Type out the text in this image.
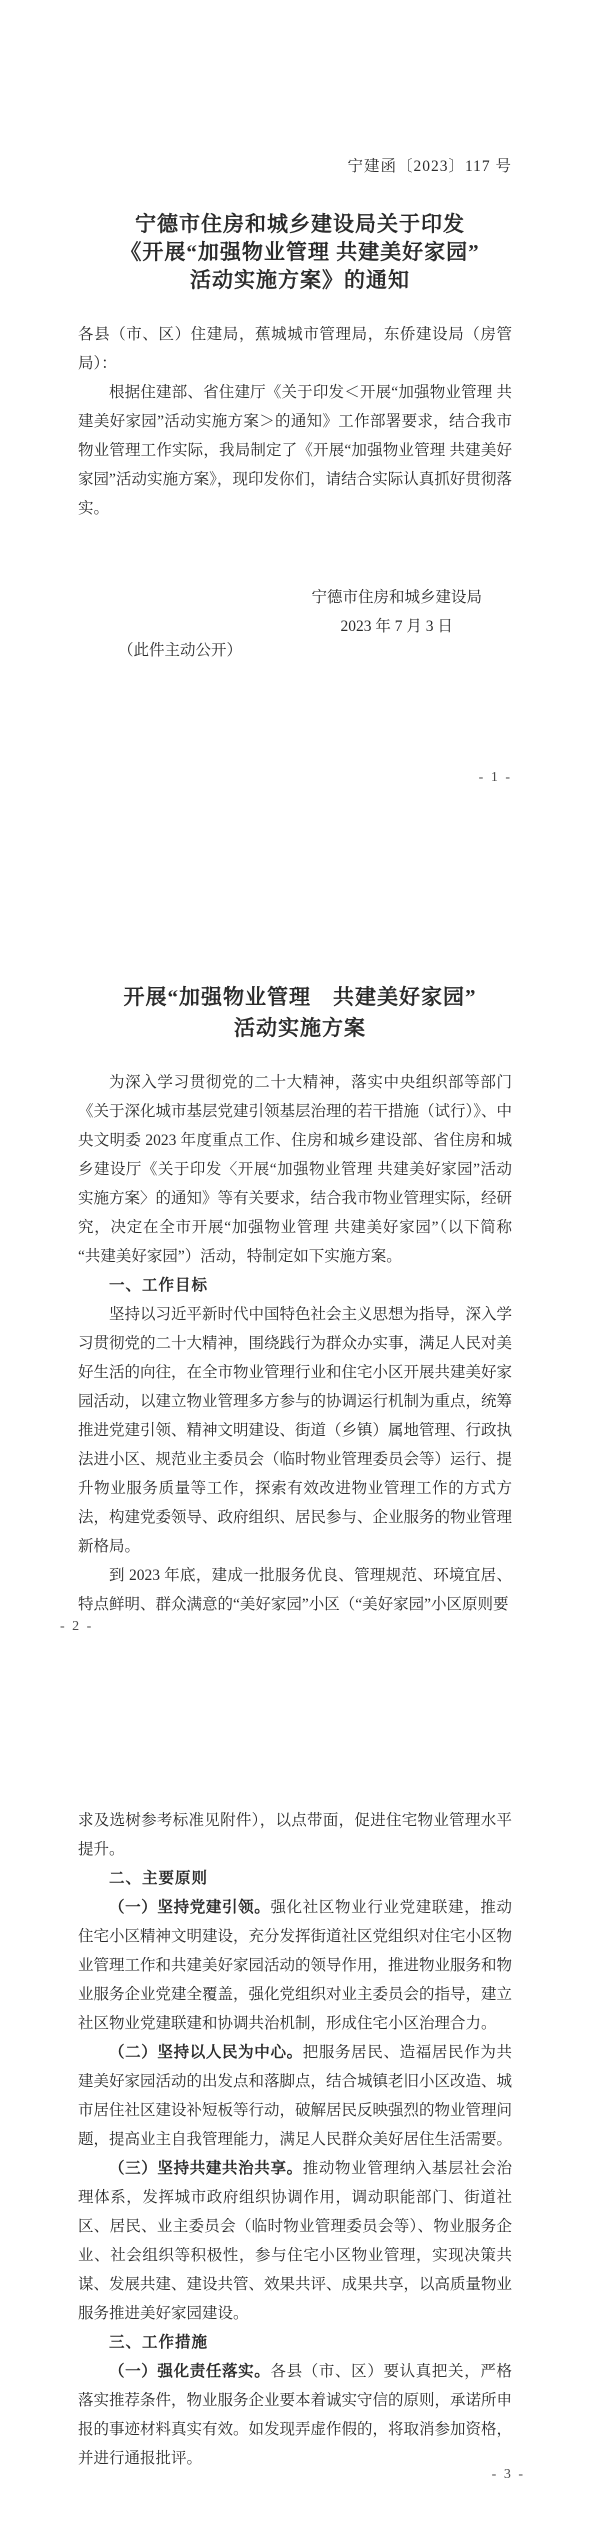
宁建函〔2023〕117 号
宁德市住房和城乡建设局关于印发
《开展“加强物业管理 共建美好家园”
活动实施方案》的通知

各县（市、区）住建局，蕉城城市管理局，东侨建设局（房管局）：

根据住建部、省住建厅《关于印发＜开展“加强物业管理 共建美好家园”活动实施方案＞的通知》工作部署要求，结合我市物业管理工作实际，我局制定了《开展“加强物业管理 共建美好家园”活动实施方案》，现印发你们，请结合实际认真抓好贯彻落实。

宁德市住房和城乡建设局
2023 年 7 月 3 日
（此件主动公开）
- 1 -
开展“加强物业管理　共建美好家园”
活动实施方案

为深入学习贯彻党的二十大精神，落实中央组织部等部门《关于深化城市基层党建引领基层治理的若干措施（试行）》、中央文明委 2023 年度重点工作、住房和城乡建设部、省住房和城乡建设厅《关于印发〈开展“加强物业管理 共建美好家园”活动实施方案〉的通知》等有关要求，结合我市物业管理实际，经研究，决定在全市开展“加强物业管理 共建美好家园”（以下简称“共建美好家园”）活动，特制定如下实施方案。

一、工作目标

坚持以习近平新时代中国特色社会主义思想为指导，深入学习贯彻党的二十大精神，围绕践行为群众办实事，满足人民对美好生活的向往，在全市物业管理行业和住宅小区开展共建美好家园活动，以建立物业管理多方参与的协调运行机制为重点，统筹推进党建引领、精神文明建设、街道（乡镇）属地管理、行政执法进小区、规范业主委员会（临时物业管理委员会等）运行、提升物业服务质量等工作，探索有效改进物业管理工作的方式方法，构建党委领导、政府组织、居民参与、企业服务的物业管理新格局。

到 2023 年底，建成一批服务优良、管理规范、环境宜居、特点鲜明、群众满意的“美好家园”小区（“美好家园”小区原则要

- 2 -

求及选树参考标准见附件），以点带面，促进住宅物业管理水平提升。

二、主要原则

（一）坚持党建引领。强化社区物业行业党建联建，推动住宅小区精神文明建设，充分发挥街道社区党组织对住宅小区物业管理工作和共建美好家园活动的领导作用，推进物业服务和物业服务企业党建全覆盖，强化党组织对业主委员会的指导，建立社区物业党建联建和协调共治机制，形成住宅小区治理合力。

（二）坚持以人民为中心。把服务居民、造福居民作为共建美好家园活动的出发点和落脚点，结合城镇老旧小区改造、城市居住社区建设补短板等行动，破解居民反映强烈的物业管理问题，提高业主自我管理能力，满足人民群众美好居住生活需要。

（三）坚持共建共治共享。推动物业管理纳入基层社会治理体系，发挥城市政府组织协调作用，调动职能部门、街道社区、居民、业主委员会（临时物业管理委员会等）、物业服务企业、社会组织等积极性，参与住宅小区物业管理，实现决策共谋、发展共建、建设共管、效果共评、成果共享，以高质量物业服务推进美好家园建设。

三、工作措施

（一）强化责任落实。各县（市、区）要认真把关，严格落实推荐条件，物业服务企业要本着诚实守信的原则，承诺所申报的事迹材料真实有效。如发现弄虚作假的，将取消参加资格，并进行通报批评。

- 3 -
